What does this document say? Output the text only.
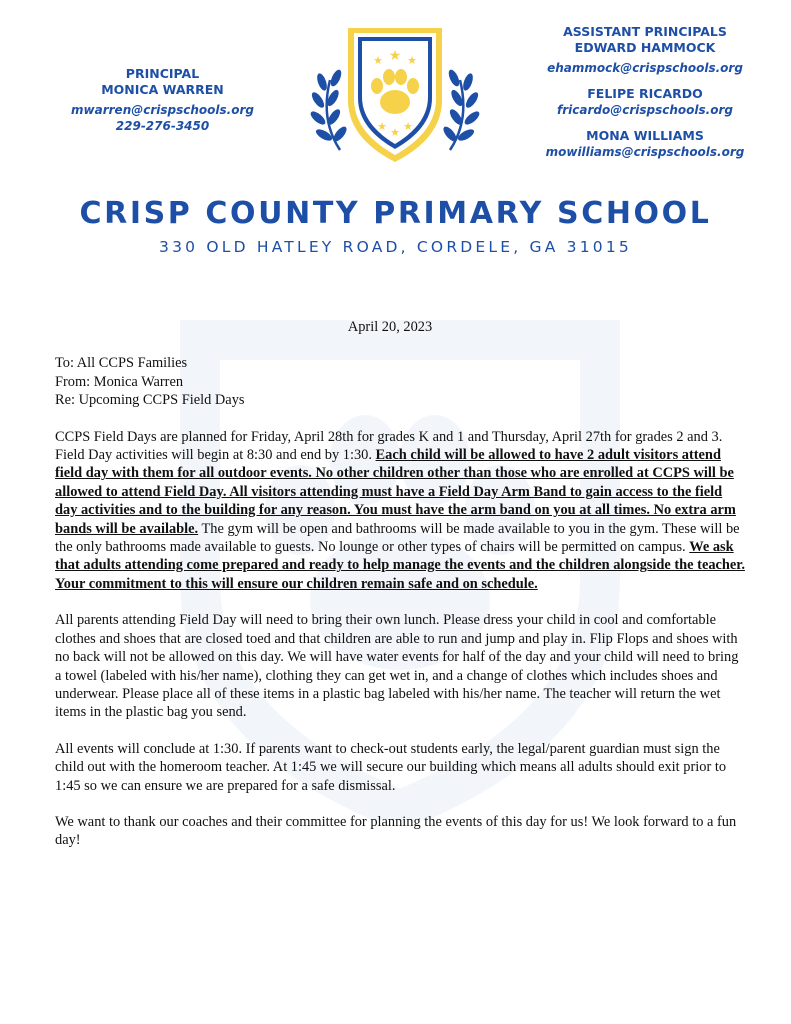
PRINCIPAL
MONICA WARREN
mwarren@crispschools.org
229-276-3450
★
★ ★
★ ★ ★
ASSISTANT PRINCIPALS
EDWARD HAMMOCK
ehammock@crispschools.org
FELIPE RICARDO
fricardo@crispschools.org
MONA WILLIAMS
mowilliams@crispschools.org
CRISP COUNTY PRIMARY SCHOOL
330 OLD HATLEY ROAD, CORDELE, GA 31015

April 20, 2023

To: All CCPS Families

From: Monica Warren

Re: Upcoming CCPS Field Days

CCPS Field Days are planned for Friday, April 28th for grades K and 1 and Thursday, April 27th for grades 2 and 3. Field Day activities will begin at 8:30 and end by 1:30. Each child will be allowed to have 2 adult visitors attend field day with them for all outdoor events. No other children other than those who are enrolled at CCPS will be allowed to attend Field Day. All visitors attending must have a Field Day Arm Band to gain access to the field day activities and to the building for any reason. You must have the arm band on you at all times. No extra arm bands will be available. The gym will be open and bathrooms will be made available to you in the gym. These will be the only bathrooms made available to guests. No lounge or other types of chairs will be permitted on campus. We ask that adults attending come prepared and ready to help manage the events and the children alongside the teacher. Your commitment to this will ensure our children remain safe and on schedule.

All parents attending Field Day will need to bring their own lunch. Please dress your child in cool and comfortable clothes and shoes that are closed toed and that children are able to run and jump and play in. Flip Flops and shoes with no back will not be allowed on this day. We will have water events for half of the day and your child will need to bring a towel (labeled with his/her name), clothing they can get wet in, and a change of clothes which includes shoes and underwear. Please place all of these items in a plastic bag labeled with his/her name. The teacher will return the wet items in the plastic bag you send.

All events will conclude at 1:30. If parents want to check-out students early, the legal/parent guardian must sign the child out with the homeroom teacher. At 1:45 we will secure our building which means all adults should exit prior to 1:45 so we can ensure we are prepared for a safe dismissal.

We want to thank our coaches and their committee for planning the events of this day for us! We look forward to a fun day!
